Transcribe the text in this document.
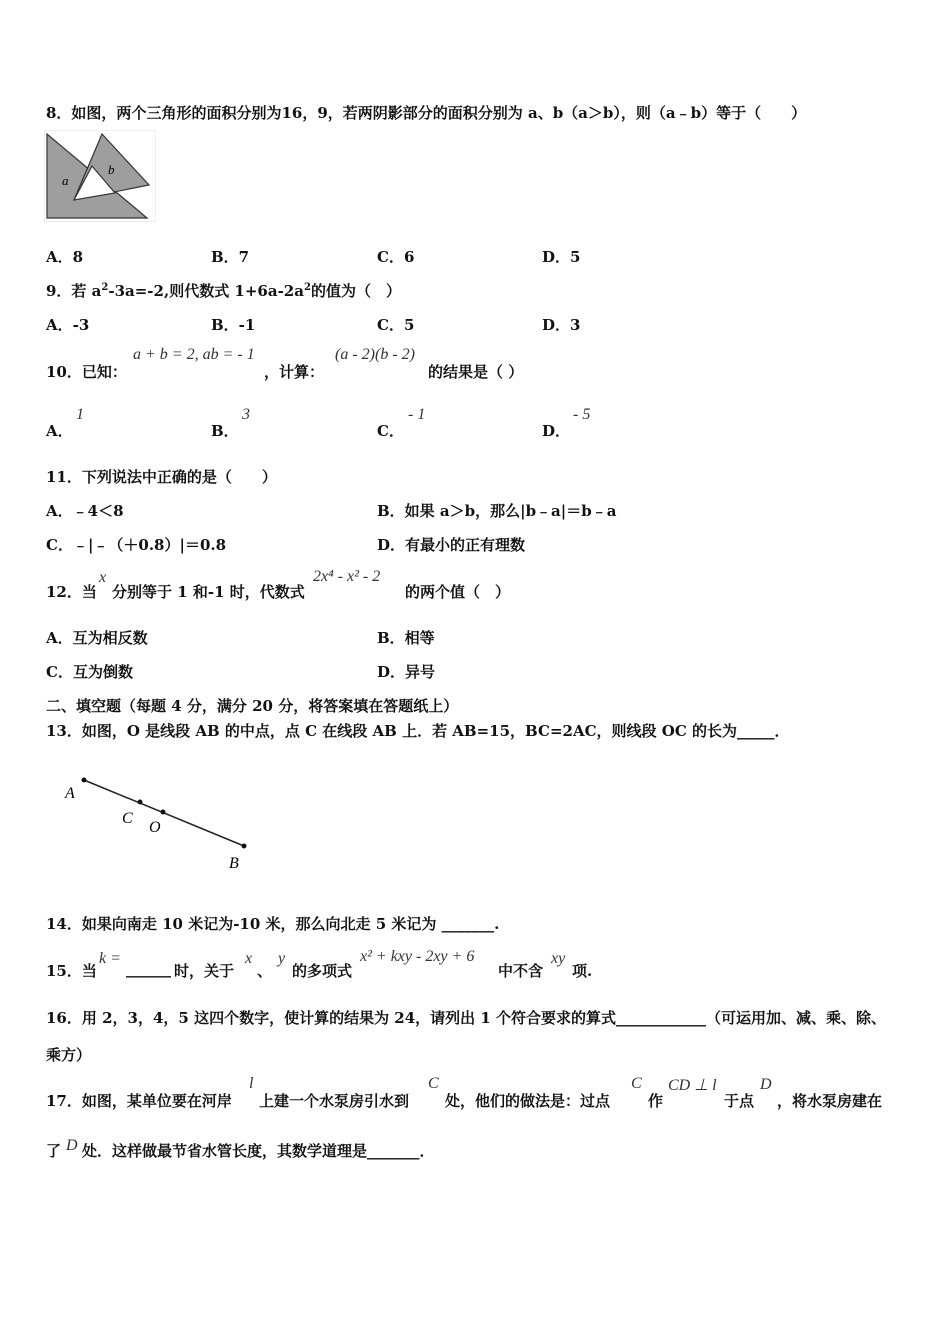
8．如图，两个三角形的面积分别为16，9，若两阴影部分的面积分别为 a、b（a＞b），则（a﹣b）等于（　　）
a
b
A．8	B．7	C．6	D．5
9．若 $a^2-3a=-2$,则代数式 $1+6a-2a^2$的值为（　）
A．-3	B．-1	C．5	D．3
10．已知：
a + b = 2, ab = - 1
，计算：
(a - 2)(b - 2)
的结果是（ ）
A．
1
B．
3
C．
- 1
D．
- 5
11．下列说法中正确的是（　　）
A．﹣4＜8	B．如果 a＞b，那么|b﹣a|＝b﹣a
C．﹣|﹣（＋0.8）|＝0.8	D．有最小的正有理数
12．当
x
分别等于 1 和-1 时，代数式
2x⁴ - x² - 2
的两个值（　）
A．互为相反数	B．相等
C．互为倒数	D．异号
二、填空题（每题 4 分，满分 20 分，将答案填在答题纸上）
13．如图，O 是线段 AB 的中点，点 C 在线段 AB 上．若 AB=15，BC=2AC，则线段 OC 的长为_____．
A
C
O
B
14．如果向南走 10 米记为-10 米，那么向北走 5 米记为 _______.
15．当
k =
______ 时，关于
x
、
y
的多项式
x² + kxy - 2xy + 6
中不含
xy
项.
16．用 2，3，4，5 这四个数字，使计算的结果为 24，请列出 1 个符合要求的算式____________（可运用加、减、乘、除、
乘方）
17．如图，某单位要在河岸
l
上建一个水泵房引水到
C
处，他们的做法是：过点
C
作
CD ⊥ l
于点
D
，将水泵房建在
了 D 处．这样做最节省水管长度，其数学道理是_______．
